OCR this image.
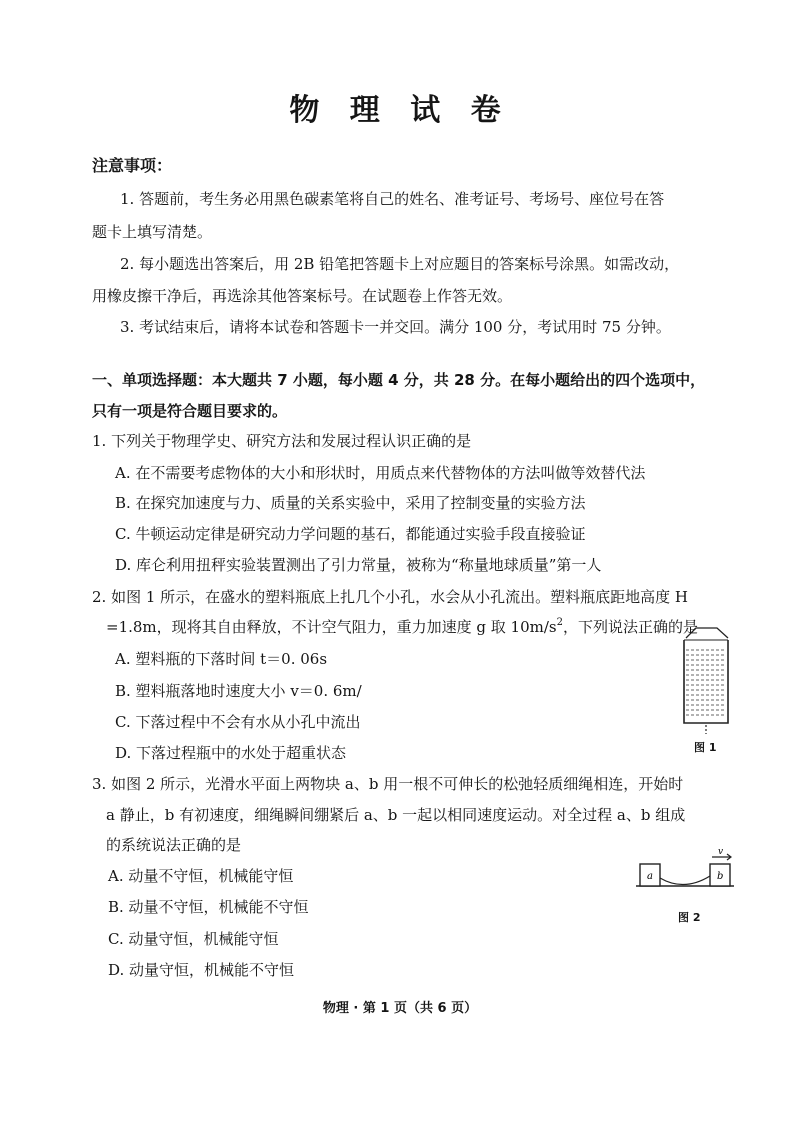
物 理 试 卷
注意事项：
1. 答题前，考生务必用黑色碳素笔将自己的姓名、准考证号、考场号、座位号在答
题卡上填写清楚。
2. 每小题选出答案后，用 2B 铅笔把答题卡上对应题目的答案标号涂黑。如需改动，
用橡皮擦干净后，再选涂其他答案标号。在试题卷上作答无效。
3. 考试结束后，请将本试卷和答题卡一并交回。满分 100 分，考试用时 75 分钟。
一、单项选择题：本大题共 7 小题，每小题 4 分，共 28 分。在每小题给出的四个选项中，
只有一项是符合题目要求的。
1. 下列关于物理学史、研究方法和发展过程认识正确的是
A. 在不需要考虑物体的大小和形状时，用质点来代替物体的方法叫做等效替代法
B. 在探究加速度与力、质量的关系实验中，采用了控制变量的实验方法
C. 牛顿运动定律是研究动力学问题的基石，都能通过实验手段直接验证
D. 库仑利用扭秤实验装置测出了引力常量，被称为“称量地球质量”第一人
2. 如图 1 所示，在盛水的塑料瓶底上扎几个小孔，水会从小孔流出。塑料瓶底距地高度 H
=1.8m，现将其自由释放，不计空气阻力，重力加速度 g 取 $10m/s^2$，下列说法正确的是
A. 塑料瓶的下落时间 t＝0. 06s
B. 塑料瓶落地时速度大小 v＝0. 6m/
C. 下落过程中不会有水从小孔中流出
D. 下落过程瓶中的水处于超重状态	图 1
3. 如图 2 所示，光滑水平面上两物块 a、b 用一根不可伸长的松弛轻质细绳相连，开始时
a 静止，b 有初速度，细绳瞬间绷紧后 a、b 一起以相同速度运动。对全过程 a、b 组成
的系统说法正确的是
A. 动量不守恒，机械能守恒
B. 动量不守恒，机械能不守恒
C. 动量守恒，机械能守恒
D. 动量守恒，机械能不守恒
a	b
v
图 2
物理 · 第 1 页（共 6 页）
